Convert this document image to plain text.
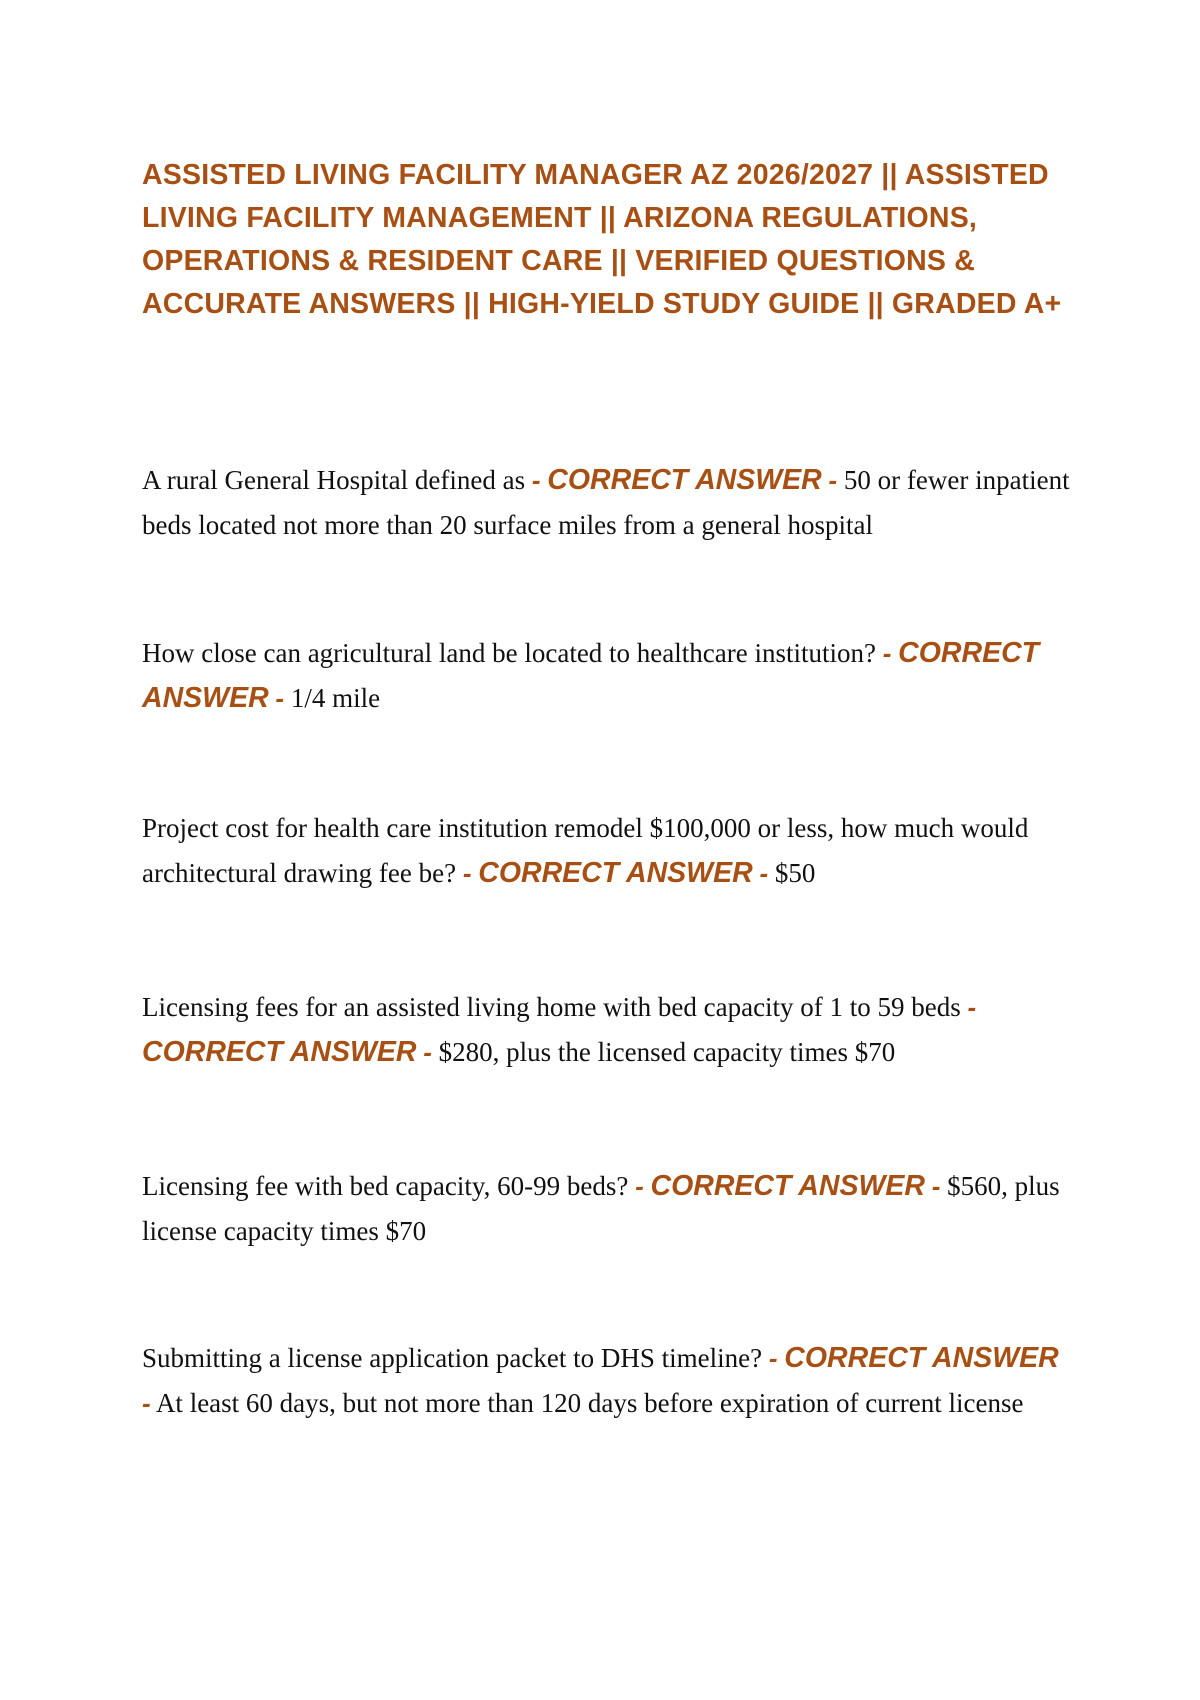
ASSISTED LIVING FACILITY MANAGER AZ 2026/2027 || ASSISTED LIVING FACILITY MANAGEMENT || ARIZONA REGULATIONS, OPERATIONS & RESIDENT CARE || VERIFIED QUESTIONS & ACCURATE ANSWERS || HIGH-YIELD STUDY GUIDE || GRADED A+

A rural General Hospital defined as - CORRECT ANSWER - 50 or fewer inpatient beds located not more than 20 surface miles from a general hospital

How close can agricultural land be located to healthcare institution? - CORRECT ANSWER - 1/4 mile

Project cost for health care institution remodel $100,000 or less, how much would architectural drawing fee be? - CORRECT ANSWER - $50

Licensing fees for an assisted living home with bed capacity of 1 to 59 beds - CORRECT ANSWER - $280, plus the licensed capacity times $70

Licensing fee with bed capacity, 60-99 beds? - CORRECT ANSWER - $560, plus license capacity times $70

Submitting a license application packet to DHS timeline? - CORRECT ANSWER - At least 60 days, but not more than 120 days before expiration of current license
